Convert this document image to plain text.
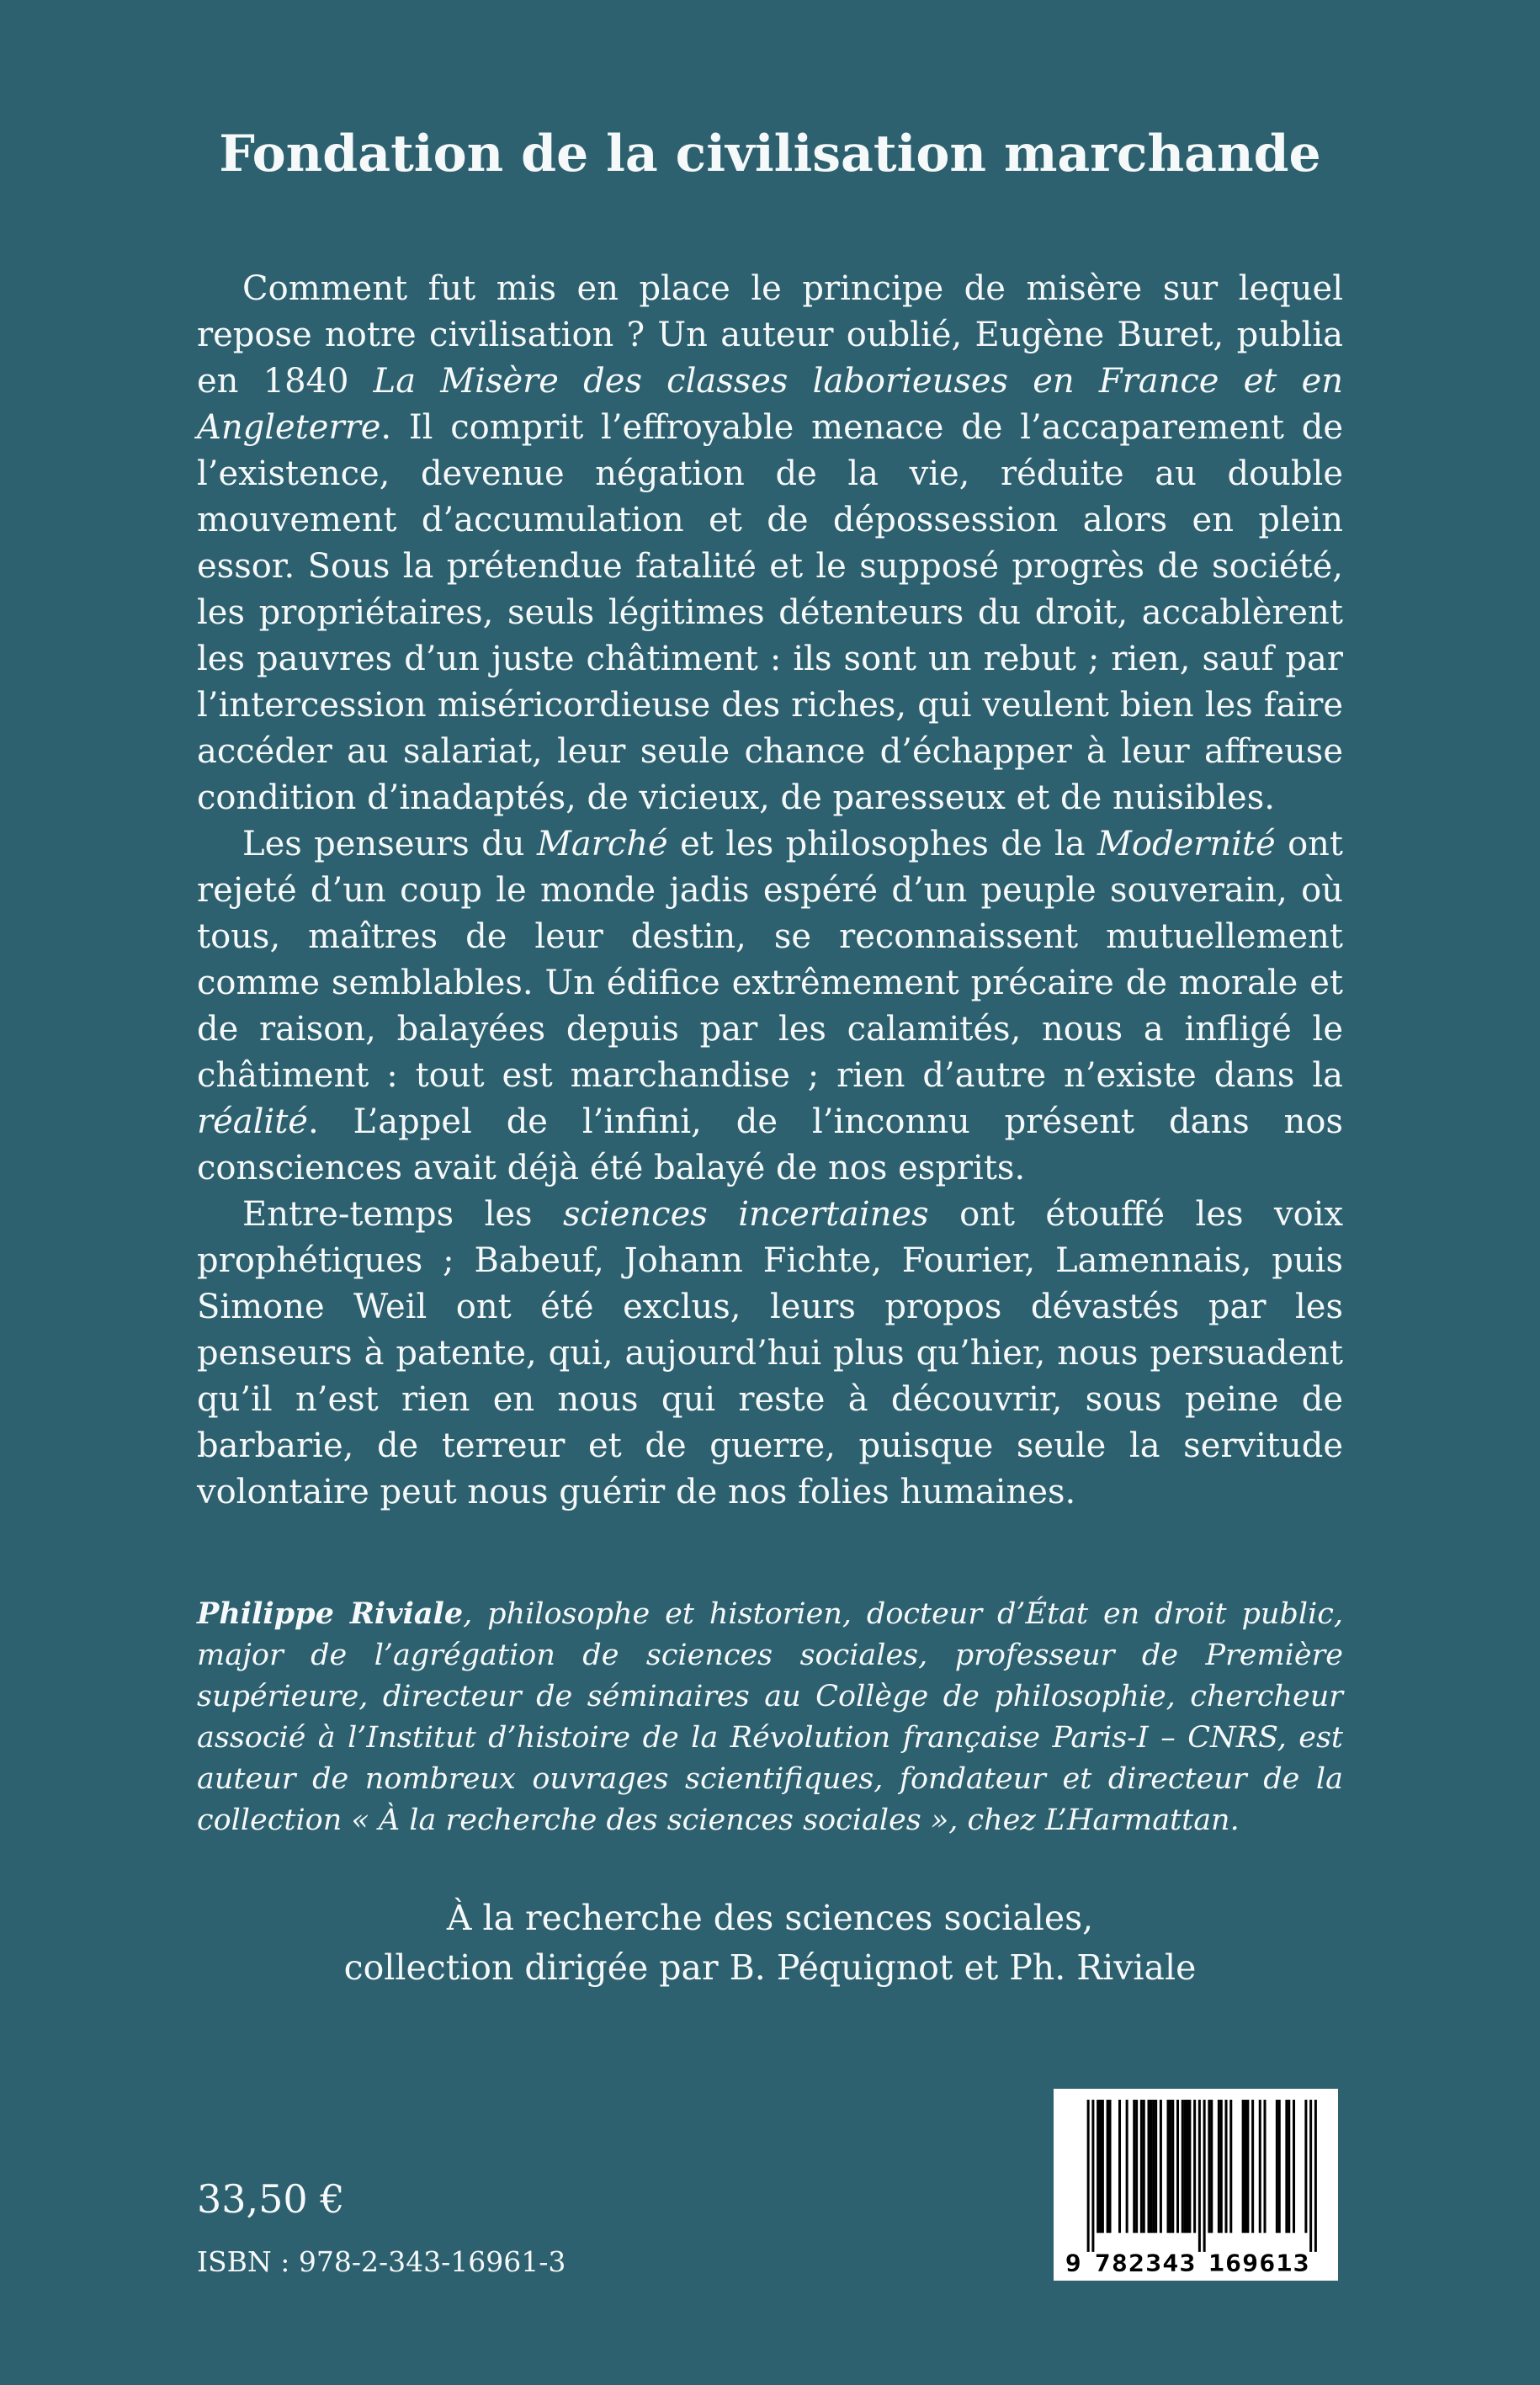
Fondation de la civilisation marchande

Comment fut mis en place le principe de misère sur lequel repose notre civilisation ? Un auteur oublié, Eugène Buret, publia en 1840 La Misère des classes laborieuses en France et en Angleterre. Il comprit l’effroyable menace de l’accaparement de l’existence, devenue négation de la vie, réduite au double mouvement d’accumulation et de dépossession alors en plein essor. Sous la prétendue fatalité et le supposé progrès de société, les propriétaires, seuls légitimes détenteurs du droit, accablèrent les pauvres d’un juste châtiment : ils sont un rebut ; rien, sauf par l’intercession miséricordieuse des riches, qui veulent bien les faire accéder au salariat, leur seule chance d’échapper à leur affreuse condition d’inadaptés, de vicieux, de paresseux et de nuisibles.

Les penseurs du Marché et les philosophes de la Modernité ont rejeté d’un coup le monde jadis espéré d’un peuple souverain, où tous, maîtres de leur destin, se reconnaissent mutuellement comme semblables. Un édifice extrêmement précaire de morale et de raison, balayées depuis par les calamités, nous a infligé le châtiment : tout est marchandise ; rien d’autre n’existe dans la réalité. L’appel de l’infini, de l’inconnu présent dans nos consciences avait déjà été balayé de nos esprits.

Entre-temps les sciences incertaines ont étouffé les voix prophétiques ; Babeuf, Johann Fichte, Fourier, Lamennais, puis Simone Weil ont été exclus, leurs propos dévastés par les penseurs à patente, qui, aujourd’hui plus qu’hier, nous persuadent qu’il n’est rien en nous qui reste à découvrir, sous peine de barbarie, de terreur et de guerre, puisque seule la servitude volontaire peut nous guérir de nos folies humaines.

Philippe Riviale, philosophe et historien, docteur d’État en droit public, major de l’agrégation de sciences sociales, professeur de Première supérieure, directeur de séminaires au Collège de philosophie, chercheur associé à l’Institut d’histoire de la Révolution française Paris-I – CNRS, est auteur de nombreux ouvrages scientifiques, fondateur et directeur de la collection « À la recherche des sciences sociales », chez L’Harmattan.

À la recherche des sciences sociales,
collection dirigée par B. Péquignot et Ph. Riviale
33,50 €
ISBN : 978-2-343-16961-3	9 7 8 2 3 4 3 1 6 9 6 1 3
